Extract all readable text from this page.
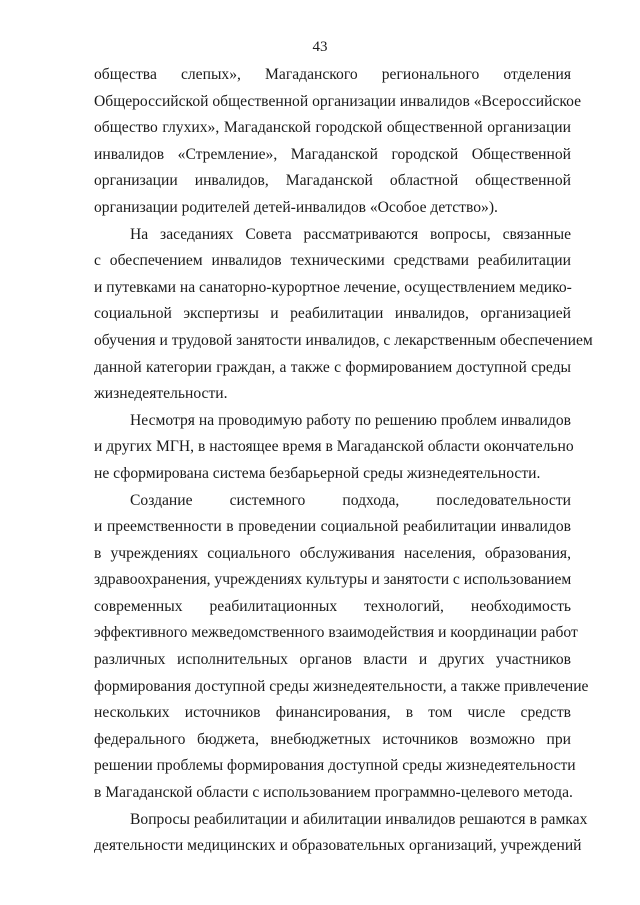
43
общества слепых», Магаданского регионального отделения
Общероссийской общественной организации инвалидов «Всероссийское
общество глухих», Магаданской городской общественной организации
инвалидов «Стремление», Магаданской городской Общественной
организации инвалидов, Магаданской областной общественной
организации родителей детей-инвалидов «Особое детство»).
На заседаниях Совета рассматриваются вопросы, связанные
с обеспечением инвалидов техническими средствами реабилитации
и путевками на санаторно-курортное лечение, осуществлением медико-
социальной экспертизы и реабилитации инвалидов, организацией
обучения и трудовой занятости инвалидов, с лекарственным обеспечением
данной категории граждан, а также с формированием доступной среды
жизнедеятельности.
Несмотря на проводимую работу по решению проблем инвалидов
и других МГН, в настоящее время в Магаданской области окончательно
не сформирована система безбарьерной среды жизнедеятельности.
Создание системного подхода, последовательности
и преемственности в проведении социальной реабилитации инвалидов
в учреждениях социального обслуживания населения, образования,
здравоохранения, учреждениях культуры и занятости с использованием
современных реабилитационных технологий, необходимость
эффективного межведомственного взаимодействия и координации работ
различных исполнительных органов власти и других участников
формирования доступной среды жизнедеятельности, а также привлечение
нескольких источников финансирования, в том числе средств
федерального бюджета, внебюджетных источников возможно при
решении проблемы формирования доступной среды жизнедеятельности
в Магаданской области с использованием программно-целевого метода.
Вопросы реабилитации и абилитации инвалидов решаются в рамках
деятельности медицинских и образовательных организаций, учреждений
